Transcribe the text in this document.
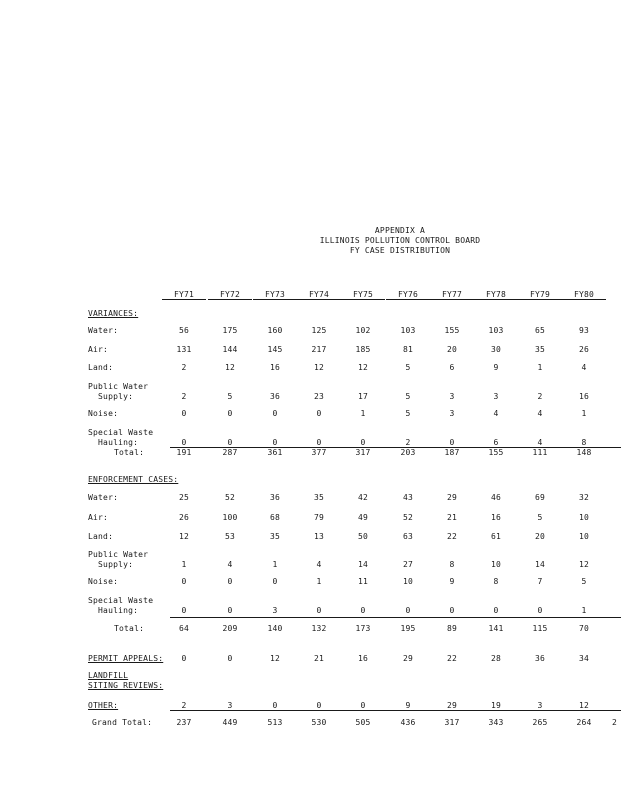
APPENDIX A
ILLINOIS POLLUTION CONTROL BOARD
FY CASE DISTRIBUTION
FY71	FY72	FY73	FY74	FY75	FY76	FY77	FY78	FY79	FY80
VARIANCES:
Water:	56	175	160	125	102	103	155	103	65	93
Air:	131	144	145	217	185	81	20	30	35	26
Land:	2	12	16	12	12	5	6	9	1	4
Public Water
Supply:	2	5	36	23	17	5	3	3	2	16
Noise:	0	0	0	0	1	5	3	4	4	1
Special Waste
Hauling:	0	0	0	0	0	2	0	6	4	8
Total:	191	287	361	377	317	203	187	155	111	148
ENFORCEMENT CASES:
Water:	25	52	36	35	42	43	29	46	69	32
Air:	26	100	68	79	49	52	21	16	5	10
Land:	12	53	35	13	50	63	22	61	20	10
Public Water
Supply:	1	4	1	4	14	27	8	10	14	12
Noise:	0	0	0	1	11	10	9	8	7	5
Special Waste
Hauling:	0	0	3	0	0	0	0	0	0	1
Total:	64	209	140	132	173	195	89	141	115	70
PERMIT APPEALS:	0	0	12	21	16	29	22	28	36	34
LANDFILL
SITING REVIEWS:
OTHER:	2	3	0	0	0	9	29	19	3	12
Grand Total:	237	449	513	530	505	436	317	343	265	264	2
